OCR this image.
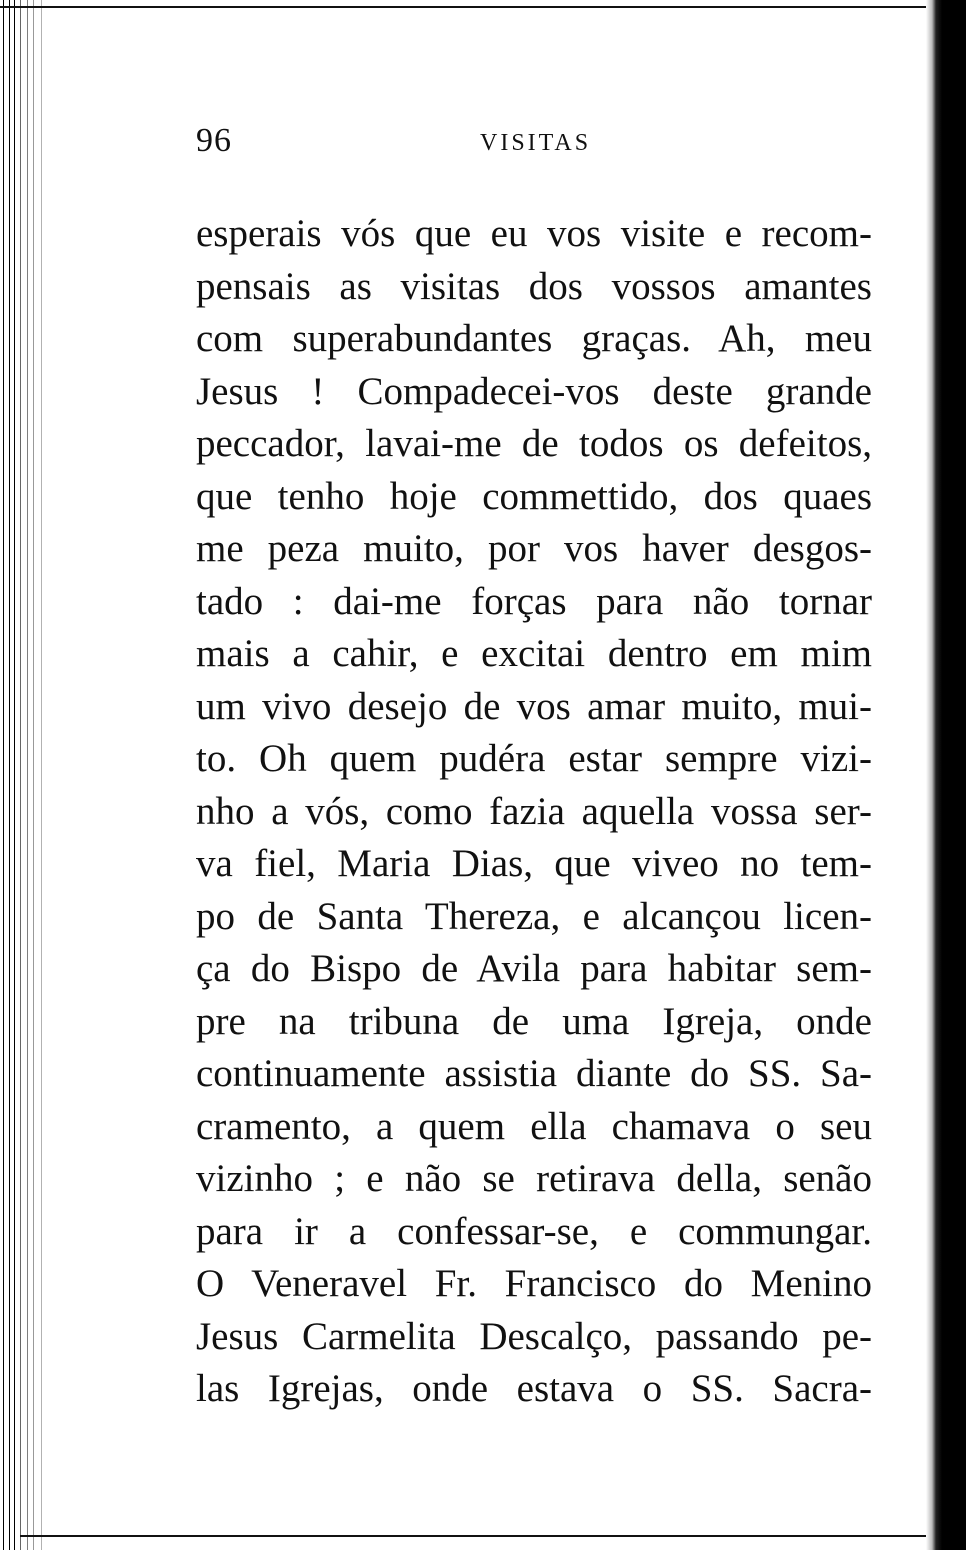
96	VISITAS
esperais vós que eu vos visite e recom-
pensais as visitas dos vossos amantes
com superabundantes graças. Ah, meu
Jesus ! Compadecei-vos deste grande
peccador, lavai-me de todos os defeitos,
que tenho hoje commettido, dos quaes
me peza muito, por vos haver desgos-
tado : dai-me forças para não tornar
mais a cahir, e excitai dentro em mim
um vivo desejo de vos amar muito, mui-
to. Oh quem pudéra estar sempre vizi-
nho a vós, como fazia aquella vossa ser-
va fiel, Maria Dias, que viveo no tem-
po de Santa Thereza, e alcançou licen-
ça do Bispo de Avila para habitar sem-
pre na tribuna de uma Igreja, onde
continuamente assistia diante do SS. Sa-
cramento, a quem ella chamava o seu
vizinho ; e não se retirava della, senão
para ir a confessar-se, e commungar.
O Veneravel Fr. Francisco do Menino
Jesus Carmelita Descalço, passando pe-
las Igrejas, onde estava o SS. Sacra-
